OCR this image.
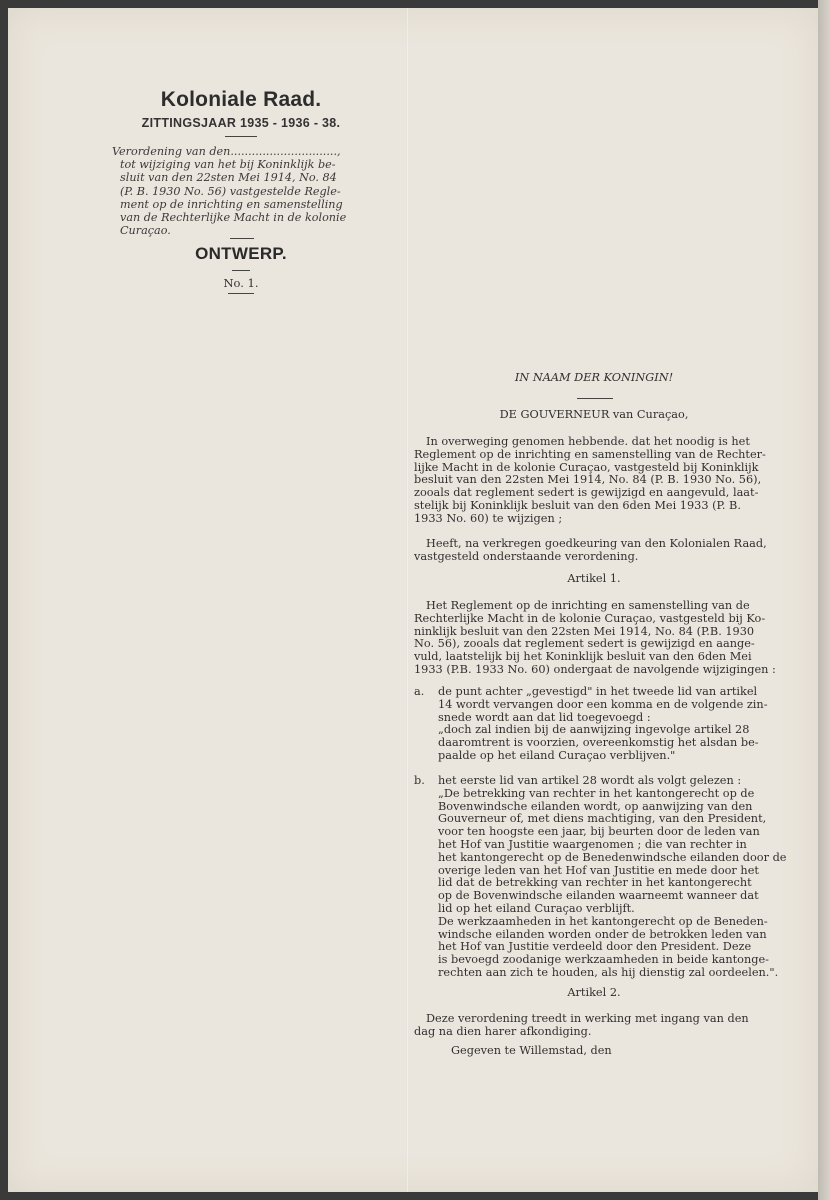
Koloniale Raad.
ZITTINGSJAAR 1935 - 1936 - 38.
Verordening van den..............................,
tot wijziging van het bij Koninklijk be-
sluit van den 22sten Mei 1914, No. 84
(P. B. 1930 No. 56) vastgestelde Regle-
ment op de inrichting en samenstelling
van de Rechterlijke Macht in de kolonie
Curaçao.
ONTWERP.
No. 1.
IN NAAM DER KONINGIN!
DE GOUVERNEUR van Curaçao,
In overweging genomen hebbende. dat het noodig is het
Reglement op de inrichting en samenstelling van de Rechter-
lijke Macht in de kolonie Curaçao, vastgesteld bij Koninklijk
besluit van den 22sten Mei 1914, No. 84 (P. B. 1930 No. 56),
zooals dat reglement sedert is gewijzigd en aangevuld, laat-
stelijk bij Koninklijk besluit van den 6den Mei 1933 (P. B.
1933 No. 60) te wijzigen ;
Heeft, na verkregen goedkeuring van den Kolonialen Raad,
vastgesteld onderstaande verordening.
Artikel 1.
Het Reglement op de inrichting en samenstelling van de
Rechterlijke Macht in de kolonie Curaçao, vastgesteld bij Ko-
ninklijk besluit van den 22sten Mei 1914, No. 84 (P.B. 1930
No. 56), zooals dat reglement sedert is gewijzigd en aange-
vuld, laatstelijk bij het Koninklijk besluit van den 6den Mei
1933 (P.B. 1933 No. 60) ondergaat de navolgende wijzigingen :
a. de punt achter „gevestigd" in het tweede lid van artikel
14 wordt vervangen door een komma en de volgende zin-
snede wordt aan dat lid toegevoegd :
„doch zal indien bij de aanwijzing ingevolge artikel 28
daaromtrent is voorzien, overeenkomstig het alsdan be-
paalde op het eiland Curaçao verblijven."
b. het eerste lid van artikel 28 wordt als volgt gelezen :
„De betrekking van rechter in het kantongerecht op de
Bovenwindsche eilanden wordt, op aanwijzing van den
Gouverneur of, met diens machtiging, van den President,
voor ten hoogste een jaar, bij beurten door de leden van
het Hof van Justitie waargenomen ; die van rechter in
het kantongerecht op de Benedenwindsche eilanden door de
overige leden van het Hof van Justitie en mede door het
lid dat de betrekking van rechter in het kantongerecht
op de Bovenwindsche eilanden waarneemt wanneer dat
lid op het eiland Curaçao verblijft.
De werkzaamheden in het kantongerecht op de Beneden-
windsche eilanden worden onder de betrokken leden van
het Hof van Justitie verdeeld door den President. Deze
is bevoegd zoodanige werkzaamheden in beide kantonge-
rechten aan zich te houden, als hij dienstig zal oordeelen.".
Artikel 2.
Deze verordening treedt in werking met ingang van den
dag na dien harer afkondiging.
Gegeven te Willemstad, den
